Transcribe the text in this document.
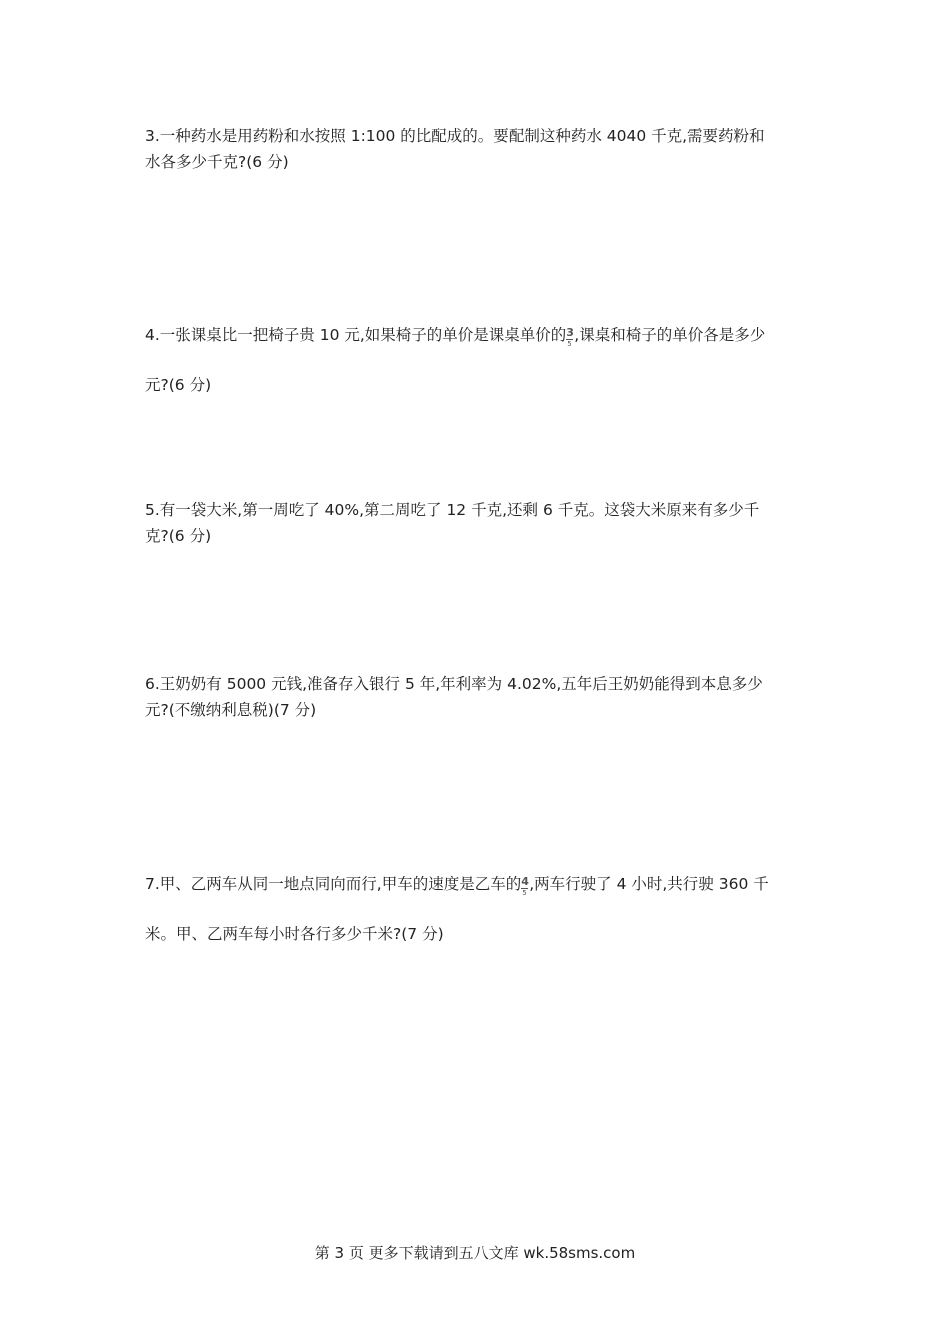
3.一种药水是用药粉和水按照 1:100 的比配成的。要配制这种药水 4040 千克,需要药粉和
水各多少千克?(6 分)
4.一张课桌比一把椅子贵 10 元,如果椅子的单价是课桌单价的 $\frac{3}{5}$ ,课桌和椅子的单价各是多少
元?(6 分)
5.有一袋大米,第一周吃了 40%,第二周吃了 12 千克,还剩 6 千克。这袋大米原来有多少千
克?(6 分)
6.王奶奶有 5000 元钱,准备存入银行 5 年,年利率为 4.02%,五年后王奶奶能得到本息多少
元?(不缴纳利息税)(7 分)
7.甲、乙两车从同一地点同向而行,甲车的速度是乙车的 $\frac{4}{5}$ ,两车行驶了 4 小时,共行驶 360 千
米。甲、乙两车每小时各行多少千米?(7 分)
第 3 页 更多下载请到五八文库 wk.58sms.com
